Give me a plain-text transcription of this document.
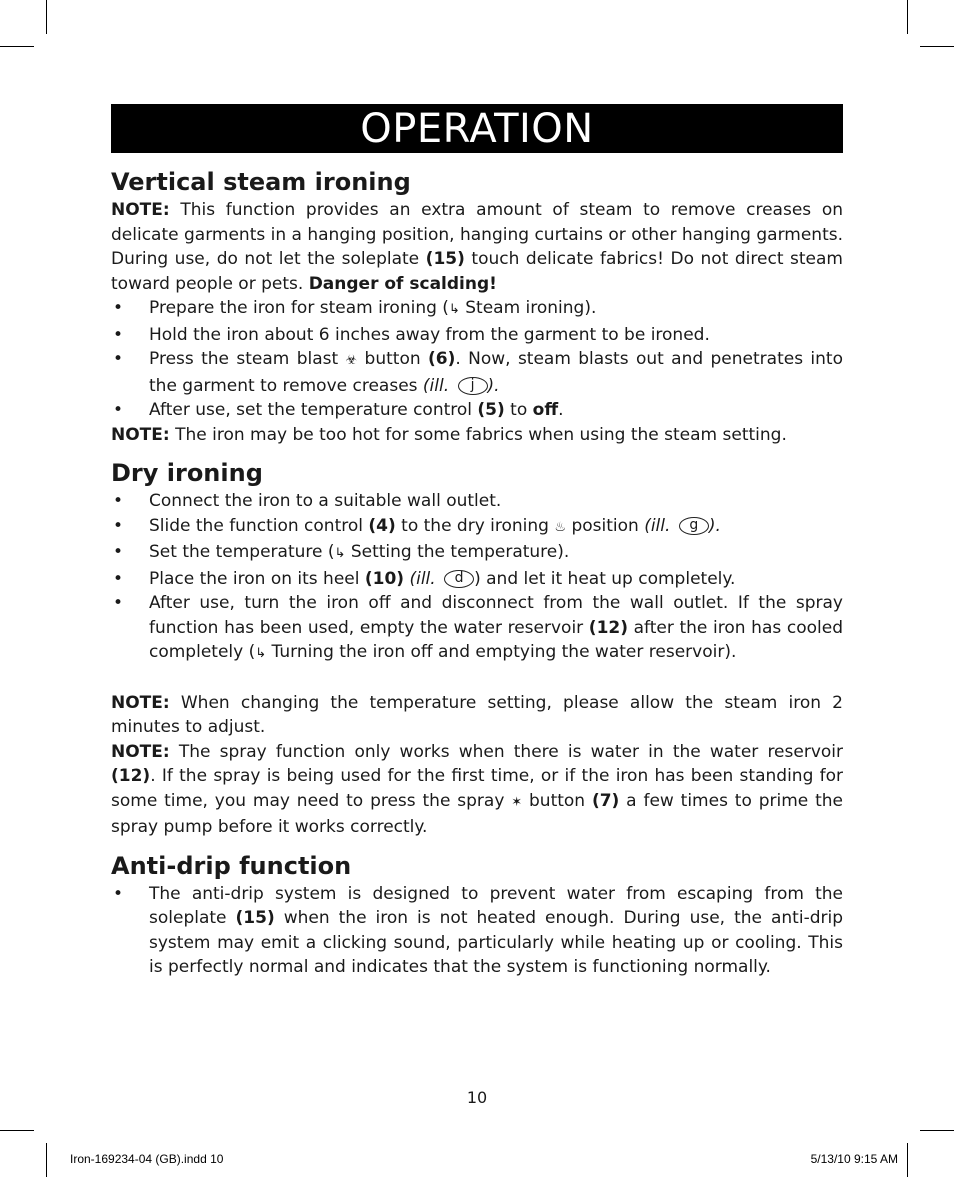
OPERATION
Vertical steam ironing

NOTE: This function provides an extra amount of steam to remove creases on delicate garments in a hanging position, hanging curtains or other hanging garments. During use, do not let the soleplate (15) touch delicate fabrics! Do not direct steam toward people or pets. Danger of scalding!

• Prepare the iron for steam ironing (↳ Steam ironing).
• Hold the iron about 6 inches away from the garment to be ironed.
• Press the steam blast ☣ button (6). Now, steam blasts out and penetrates into the garment to remove creases (ill. j ).
• After use, set the temperature control (5) to off.

NOTE: The iron may be too hot for some fabrics when using the steam setting.

Dry ironing
• Connect the iron to a suitable wall outlet.
• Slide the function control (4) to the dry ironing ♨ position (ill. g ).
• Set the temperature (↳ Setting the temperature).
• Place the iron on its heel (10) (ill. d ) and let it heat up completely.
• After use, turn the iron off and disconnect from the wall outlet. If the spray function has been used, empty the water reservoir (12) after the iron has cooled completely (↳ Turning the iron off and emptying the water reservoir).

NOTE: When changing the temperature setting, please allow the steam iron 2 minutes to adjust.

NOTE: The spray function only works when there is water in the water reservoir (12). If the spray is being used for the first time, or if the iron has been standing for some time, you may need to press the spray ✶ button (7) a few times to prime the spray pump before it works correctly.

Anti-drip function
• The anti-drip system is designed to prevent water from escaping from the soleplate (15) when the iron is not heated enough. During use, the anti-drip system may emit a clicking sound, particularly while heating up or cooling. This is perfectly normal and indicates that the system is functioning normally.
10
Iron-169234-04 (GB).indd 10	5/13/10 9:15 AM
